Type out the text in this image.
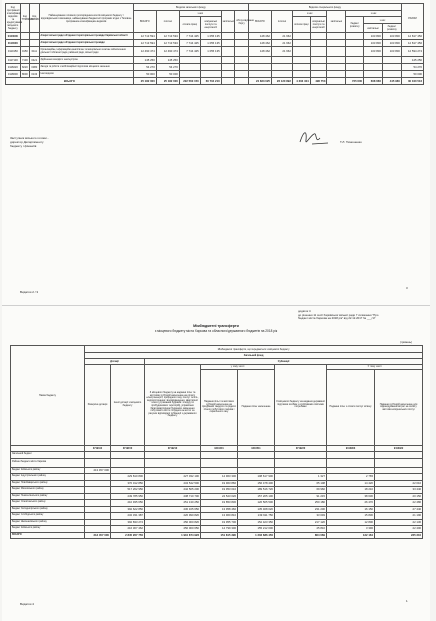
Код програмної класифікації видатків та кредитування місцевого бюджету	Код ТПКВКМБ	Код ФКВКБ	Найменування головного розпорядника коштів місцевого бюджету / відповідального виконавця, найменування бюджетної програми згідно з Типовою програмною класифікацією видатків	Видатки загального фонду						Видатки спеціального фонду								РАЗОМ
				ВСЬОГО	поточні	з них		капітальні	обслуговування боргу	ВСЬОГО	поточні	з них		капітальні	з них			
						оплата праці	комунальні послуги та енергоносії					оплата праці	комунальні послуги та енергоносії		бюджет розвитку	з них		
																капітальні	бюджет розвитку	
0100000			Апарат міської ради об'єднаної територіальної громади Харківської області	12 713 594	12 713 594	7 744 425	1 055 135			148 462	21 662					103 800	103 800	12 817 450
0110000			Апарат міської ради об'єднаної територіальної громади	12 713 594	12 713 594	7 744 425	1 055 135			148 462	21 662					103 800	103 800	12 817 450
0110150	0150	0111	Організаційне, інформаційно-аналітичне та матеріально-технічне забезпечення діяльності обласної ради, районної ради, міської ради	12 490 474	12 490 474	7 744 425	1 055 135			148 462	21 662					103 800	103 800	12 594 274
0117130	7130	0421	Здійснення заходів із землеустрою	145 250	145 250													145 250
0118220	8220	0380	Заходи та роботи з мобілізаційної підготовки місцевого значення	54 270	54 270													54 270
0118600	8600	0133	Інші видатки	50 000	50 000													50 000
ВСЬОГО				25 182 000	25 182 000	222 560 150	60 704 210			24 833 025	26 120 892	4 303 404	496 753		725 600	608 666	445 960	30 040 516
Заступник міського голови -
директор Департаменту
бюджету і фінансів
Т.Л. Тимошенко
Видатки 2 / 3
3
додаток 4
до рішення 11 сесії Харківської міської ради 7 скликання "Про
бюджет міста Харкова на 2018 рік" від 22.12.2017 № ___/17
Міжбюджетні трансферти
з місцевого бюджету міста Харкова та обласного/державного бюджетів на 2018 рік
(гривень)
Назва бюджету	Міжбюджетні трансферти, що передаються з місцевого бюджету							
	Загальний фонд							
	Дотації		Субвенції					
	Реверсна дотація	Іншої дотації з місцевого бюджету	З місцевого бюджету на надання пільг та житлових субсидій населенню на оплату електроенергії, природного газу, послуг тепло-, водопостачання і водовідведення, квартирної плати (утримання будинків і споруд та прибудинкових територій), управління багатоквартирним будинком, вивезення побутового сміття та рідких нечистот за рахунок відповідної субвенції з державного бюджету	у тому числі		З місцевого бюджету на надання державної підтримки особам з особливими освітніми потребами	У тому числі	
				Надання пільг та житлових субсидій населенню на придбання твердого та рідкого пічного побутового палива і скрапленого газу	Надання пільг населенню		Надання пільг з оплати послуг зв'язку	Надання субсидій населенню для відшкодування витрат на оплату житлово-комунальних послуг
	3719110	3719150	3719210	9410401	9410511	3719220	9410903	9410922
Загальний бюджет								
Районні бюджети міста Харкова								
Бюджет Київського району	213 457 000							
Бюджет Індустріального району		229 810 800	227 032 100	14 963 300	108 617 900	1 327	2 765	
Бюджет Новобаварського району		370 012 850	234 542 500	19 963 860	156 478 400	65 108	14 420	22 010
Бюджет Московського району		517 262 950	242 505 200	19 953 010	189 516 720	69 960	18 210	33 440
Бюджет Немишлянського району		249 785 950	238 710 700	24 523 020	157 205 100	91 215	38 630	20 150
Бюджет Основ'янського району		210 935 650	251 130 250	19 853 830	126 505 500	250 180	26 470	22 480
Бюджет Холодногірського району		392 622 850	230 165 650	13 958 460	135 468 020	231 200	16 150	27 440
Бюджет Слобідського району		232 331 387	220 990 826	13 960 810	139 911 750	33 049	15 830	21 190
Бюджет Шевченківського району		392 833 274	250 000 826	19 955 700	152 423 350	217 120	12 800	22 130
Бюджет Київського району		216 307 462	250 000 650	14 799 300	155 212 000	25 810	3 390	22 400
ВСЬОГО	213 457 000	2 845 957 750	1 910 874 926	151 815 390	1 203 686 450	864 069	132 164	235 310
Видатки 4
1
